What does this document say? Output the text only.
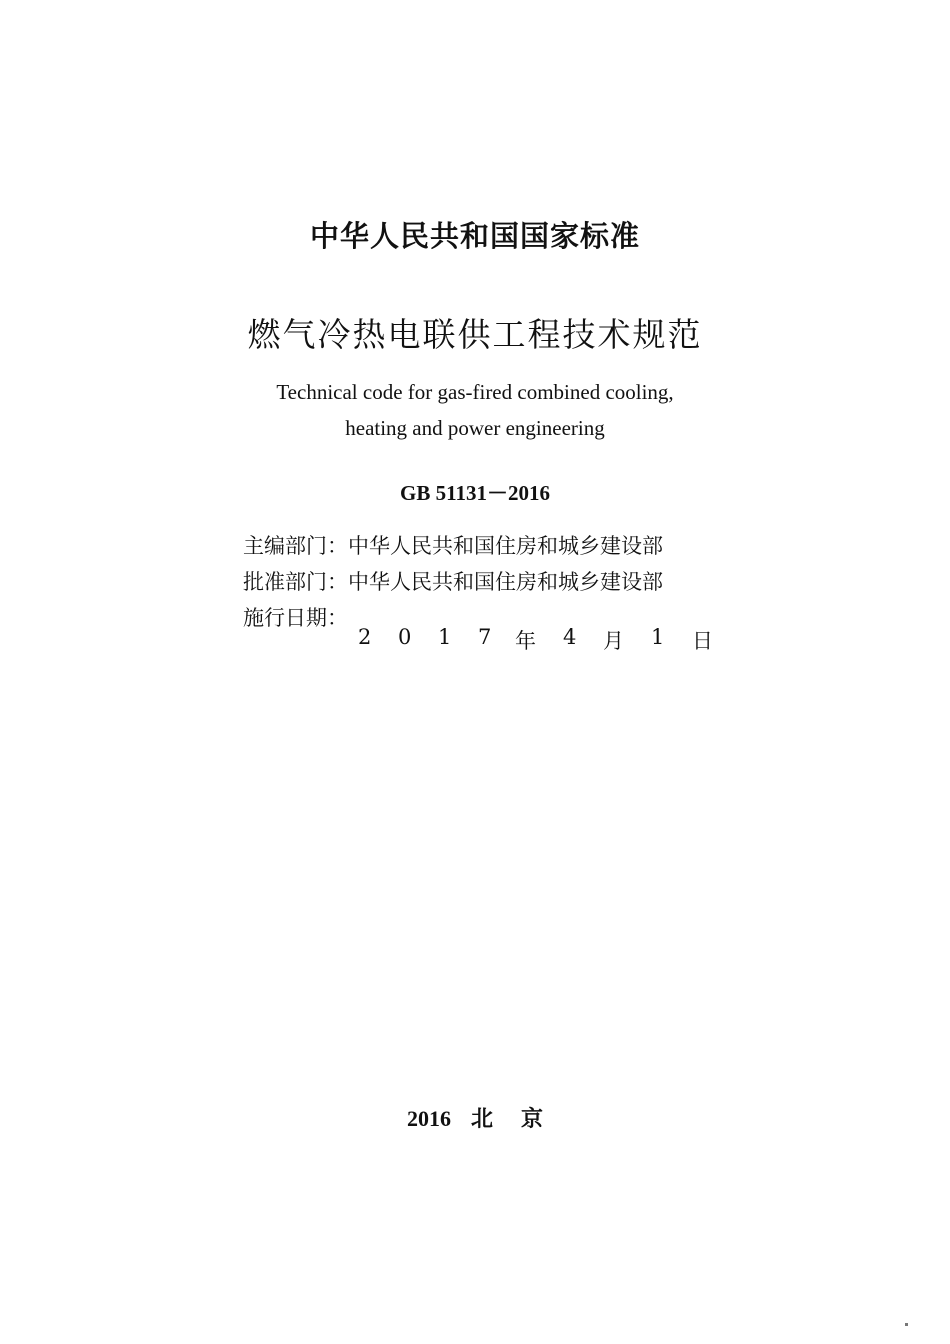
中华人民共和国国家标准
燃气冷热电联供工程技术规范
Technical code for gas-fired combined cooling,
heating and power engineering
GB 51131－2016
主编部门：中华人民共和国住房和城乡建设部
批准部门：中华人民共和国住房和城乡建设部
施行日期：
2 0 1 7 年 4 月 1 日
2016 北 京
